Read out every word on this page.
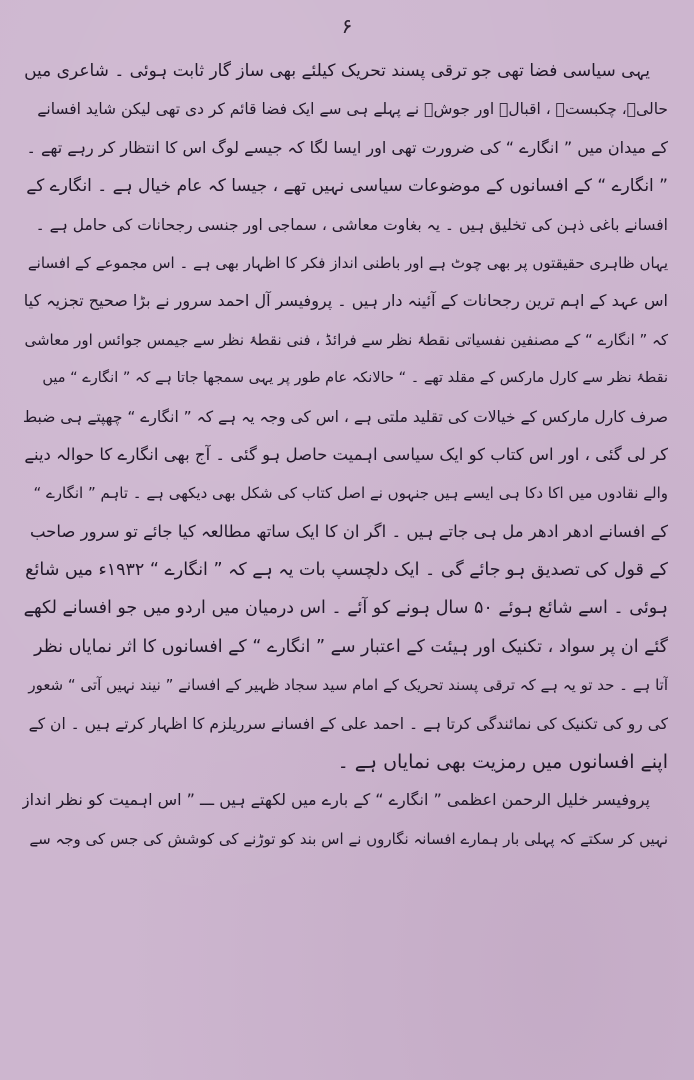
۶
یہی سیاسی فضا تھی جو ترقی پسند تحریک کیلئے بھی ساز گار ثابت ہوئی ۔ شاعری میں
حالیؔ، چکبستؔ ، اقبالؔ اور جوشؔ نے پہلے ہی سے ایک فضا قائم کر دی تھی لیکن شاید افسانے
کے میدان میں ” انگارے “ کی ضرورت تھی اور ایسا لگا کہ جیسے لوگ اس کا انتظار کر رہے تھے ۔
” انگارے “ کے افسانوں کے موضوعات سیاسی نہیں تھے ، جیسا کہ عام خیال ہے ۔ انگارے کے
افسانے باغی ذہن کی تخلیق ہیں ۔ یہ بغاوت معاشی ، سماجی اور جنسی رجحانات کی حامل ہے ۔
یہاں ظاہری حقیقتوں پر بھی چوٹ ہے اور باطنی انداز فکر کا اظہار بھی ہے ۔ اس مجموعے کے افسانے
اس عہد کے اہم ترین رجحانات کے آئینہ دار ہیں ۔ پروفیسر آل احمد سرور نے بڑا صحیح تجزیہ کیا
کہ ” انگارے “ کے مصنفین نفسیاتی نقطۂ نظر سے فرائڈ ، فنی نقطۂ نظر سے جیمس جوائس اور معاشی
نقطۂ نظر سے کارل مارکس کے مقلد تھے ۔ “ حالانکہ عام طور پر یہی سمجھا جاتا ہے کہ ” انگارے “ میں
صرف کارل مارکس کے خیالات کی تقلید ملتی ہے ، اس کی وجہ یہ ہے کہ ” انگارے “ چھپتے ہی ضبط
کر لی گئی ، اور اس کتاب کو ایک سیاسی اہمیت حاصل ہو گئی ۔ آج بھی انگارے کا حوالہ دینے
والے نقادوں میں اکا دکا ہی ایسے ہیں جنہوں نے اصل کتاب کی شکل بھی دیکھی ہے ۔ تاہم ” انگارے “
کے افسانے ادھر ادھر مل ہی جاتے ہیں ۔ اگر ان کا ایک ساتھ مطالعہ کیا جائے تو سرور صاحب
کے قول کی تصدیق ہو جائے گی ۔ ایک دلچسپ بات یہ ہے کہ ” انگارے “ ۱۹۳۲ء میں شائع
ہوئی ۔ اسے شائع ہوئے ۵۰ سال ہونے کو آئے ۔ اس درمیان میں اردو میں جو افسانے لکھے
گئے ان پر سواد ، تکنیک اور ہیئت کے اعتبار سے ” انگارے “ کے افسانوں کا اثر نمایاں نظر
آتا ہے ۔ حد تو یہ ہے کہ ترقی پسند تحریک کے امام سید سجاد ظہیر کے افسانے ” نیند نہیں آتی “ شعور
کی رو کی تکنیک کی نمائندگی کرتا ہے ۔ احمد علی کے افسانے سرریلزم کا اظہار کرتے ہیں ۔ ان کے
اپنے افسانوں میں رمزیت بھی نمایاں ہے ۔
پروفیسر خلیل الرحمن اعظمی ” انگارے “ کے بارے میں لکھتے ہیں ـــ ” اس اہمیت کو نظر انداز
نہیں کر سکتے کہ پہلی بار ہمارے افسانہ نگاروں نے اس بند کو توڑنے کی کوشش کی جس کی وجہ سے
